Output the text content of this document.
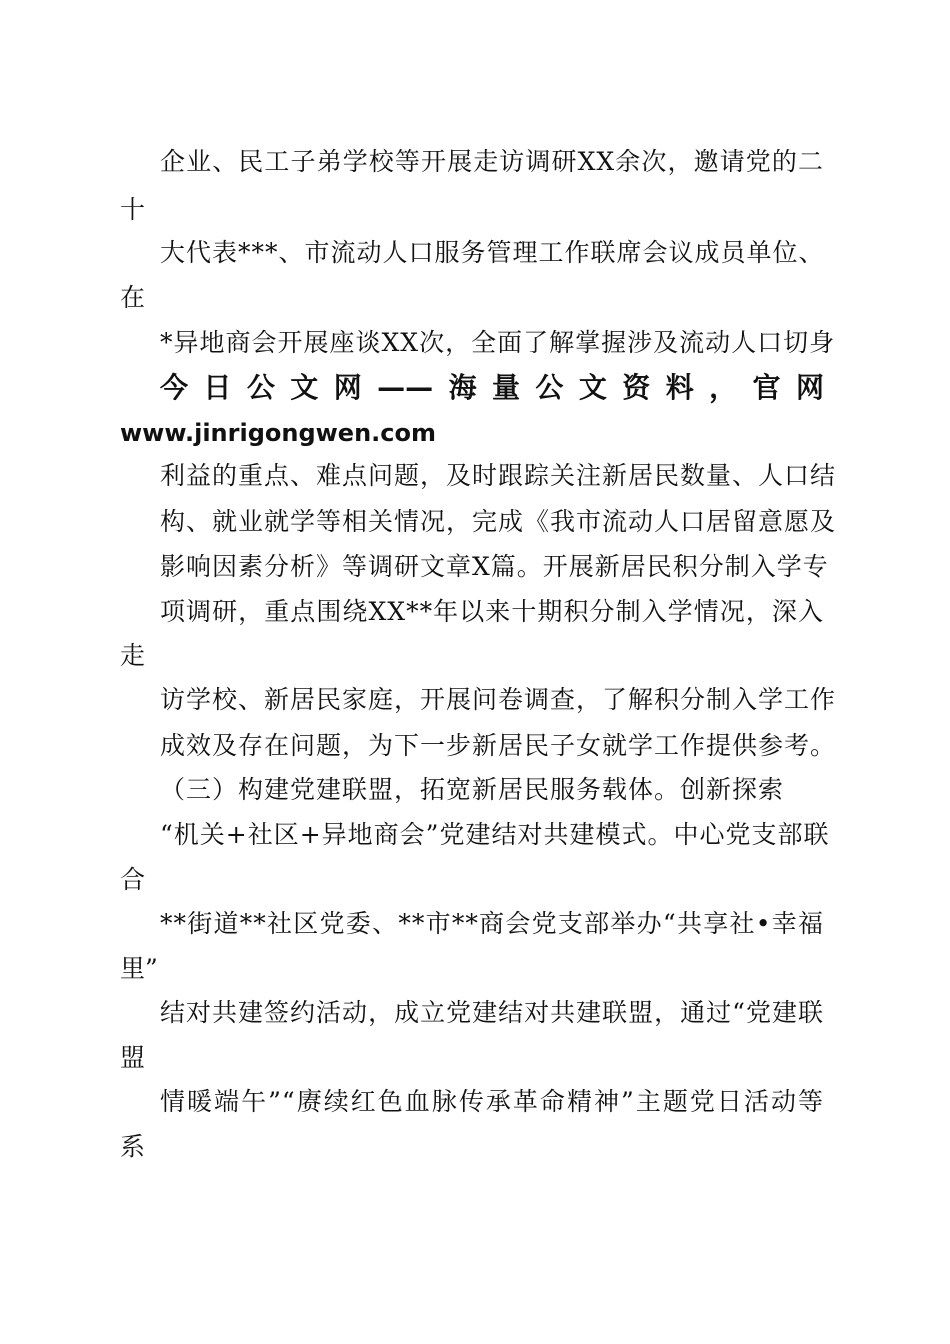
企业、民工子弟学校等开展走访调研XX余次，邀请党的二

十

大代表***、市流动人口服务管理工作联席会议成员单位、

在

*异地商会开展座谈XX次，全面了解掌握涉及流动人口切身

今日公文网——海量公文资料，官网

www.jinrigongwen.com

利益的重点、难点问题，及时跟踪关注新居民数量、人口结

构、就业就学等相关情况，完成《我市流动人口居留意愿及

影响因素分析》等调研文章X篇。开展新居民积分制入学专

项调研，重点围绕XX**年以来十期积分制入学情况，深入

走

访学校、新居民家庭，开展问卷调查，了解积分制入学工作

成效及存在问题，为下一步新居民子女就学工作提供参考。

（三）构建党建联盟，拓宽新居民服务载体。创新探索

“机关+社区+异地商会”党建结对共建模式。中心党支部联

合

**街道**社区党委、**市**商会党支部举办“共享社•幸福

里”

结对共建签约活动，成立党建结对共建联盟，通过“党建联

盟

情暖端午”“赓续红色血脉传承革命精神”主题党日活动等

系
